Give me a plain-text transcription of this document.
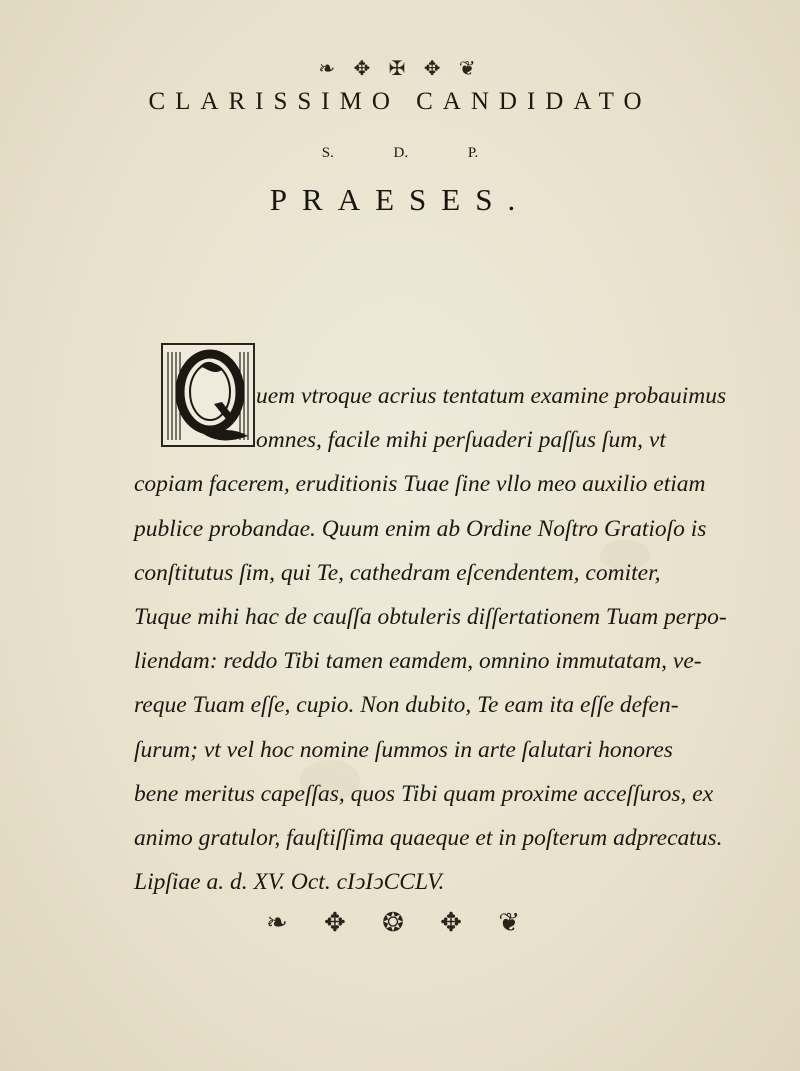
❧ ✥ ✠ ✥ ❦
CLARISSIMO CANDIDATO
S.	D.	P.
PRAESES.
uem vtroque acrius tentatum examine probauimus
omnes, facile mihi perſuaderi paſſus ſum, vt
copiam facerem, eruditionis Tuae ſine vllo meo auxilio etiam
publice probandae. Quum enim ab Ordine Noſtro Gratioſo is
conſtitutus ſim, qui Te, cathedram eſcendentem, comiter,
Tuque mihi hac de cauſſa obtuleris diſſertationem Tuam perpo-
liendam: reddo Tibi tamen eamdem, omnino immutatam, ve-
reque Tuam eſſe, cupio. Non dubito, Te eam ita eſſe defen-
ſurum; vt vel hoc nomine ſummos in arte ſalutari honores
bene meritus capeſſas, quos Tibi quam proxime acceſſuros, ex
animo gratulor, fauſtiſſima quaeque et in poſterum adprecatus.
Lipſiae a. d. XV. Oct. cIↄIↄCCLV.
❧ ✥ ❂ ✥ ❦
